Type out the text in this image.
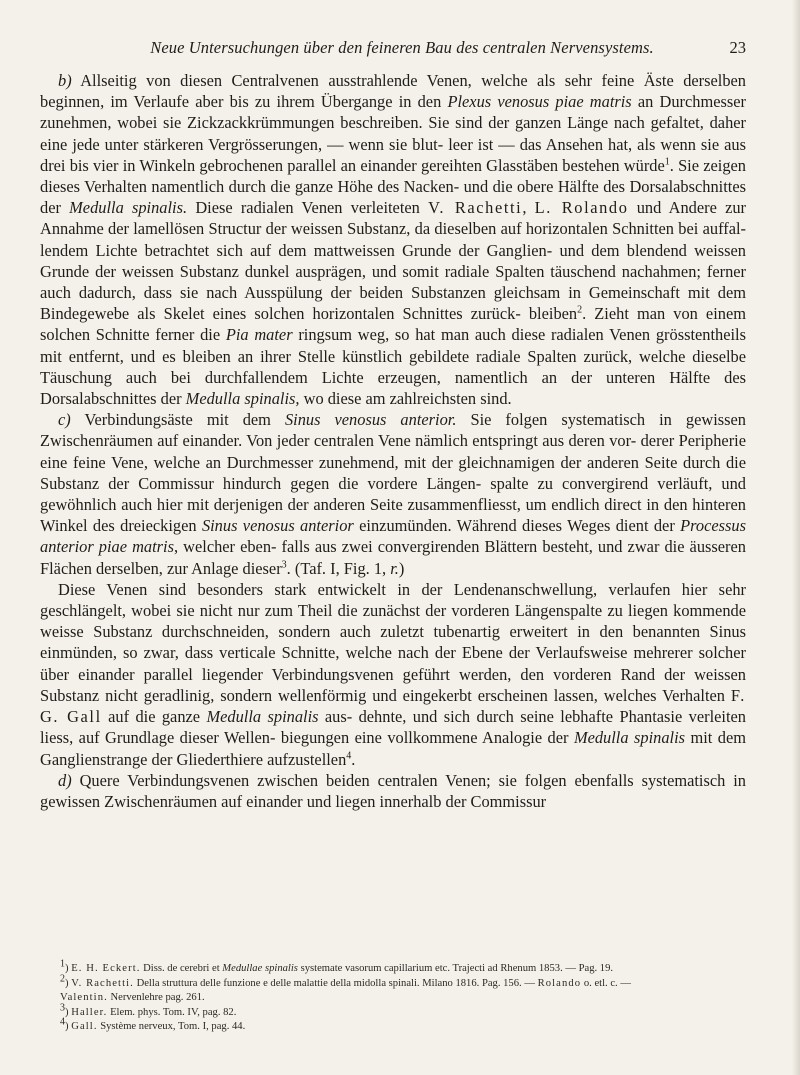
Neue Untersuchungen über den feineren Bau des centralen Nervensystems.	23

b) Allseitig von diesen Centralvenen ausstrahlende Venen, welche als sehr feine Äste derselben beginnen, im Verlaufe aber bis zu ihrem Übergange in den Plexus venosus piae matris an Durchmesser zunehmen, wobei sie Zickzackkrümmungen beschreiben. Sie sind der ganzen Länge nach gefaltet, daher eine jede unter stärkeren Vergrösserungen, — wenn sie blut- leer ist — das Ansehen hat, als wenn sie aus drei bis vier in Winkeln gebrochenen parallel an einander gereihten Glasstäben bestehen würde$^1$. Sie zeigen dieses Verhalten namentlich durch die ganze Höhe des Nacken- und die obere Hälfte des Dorsalabschnittes der Medulla spinalis. Diese radialen Venen verleiteten V. Rachetti, L. Rolando und Andere zur Annahme der lamellösen Structur der weissen Substanz, da dieselben auf horizontalen Schnitten bei auffal- lendem Lichte betrachtet sich auf dem mattweissen Grunde der Ganglien- und dem blendend weissen Grunde der weissen Substanz dunkel ausprägen, und somit radiale Spalten täuschend nachahmen; ferner auch dadurch, dass sie nach Ausspülung der beiden Substanzen gleichsam in Gemeinschaft mit dem Bindegewebe als Skelet eines solchen horizontalen Schnittes zurück- bleiben$^2$. Zieht man von einem solchen Schnitte ferner die Pia mater ringsum weg, so hat man auch diese radialen Venen grösstentheils mit entfernt, und es bleiben an ihrer Stelle künstlich gebildete radiale Spalten zurück, welche dieselbe Täuschung auch bei durchfallendem Lichte erzeugen, namentlich an der unteren Hälfte des Dorsalabschnittes der Medulla spinalis, wo diese am zahlreichsten sind.

c) Verbindungsäste mit dem Sinus venosus anterior. Sie folgen systematisch in gewissen Zwischenräumen auf einander. Von jeder centralen Vene nämlich entspringt aus deren vor- derer Peripherie eine feine Vene, welche an Durchmesser zunehmend, mit der gleichnamigen der anderen Seite durch die Substanz der Commissur hindurch gegen die vordere Längen- spalte zu convergirend verläuft, und gewöhnlich auch hier mit derjenigen der anderen Seite zusammenfliesst, um endlich direct in den hinteren Winkel des dreieckigen Sinus venosus anterior einzumünden. Während dieses Weges dient der Processus anterior piae matris, welcher eben- falls aus zwei convergirenden Blättern besteht, und zwar die äusseren Flächen derselben, zur Anlage dieser$^3$. (Taf. I, Fig. 1, r.)

Diese Venen sind besonders stark entwickelt in der Lendenanschwellung, verlaufen hier sehr geschlängelt, wobei sie nicht nur zum Theil die zunächst der vorderen Längenspalte zu liegen kommende weisse Substanz durchschneiden, sondern auch zuletzt tubenartig erweitert in den benannten Sinus einmünden, so zwar, dass verticale Schnitte, welche nach der Ebene der Verlaufsweise mehrerer solcher über einander parallel liegender Verbindungsvenen geführt werden, den vorderen Rand der weissen Substanz nicht geradlinig, sondern wellenförmig und eingekerbt erscheinen lassen, welches Verhalten F. G. Gall auf die ganze Medulla spinalis aus- dehnte, und sich durch seine lebhafte Phantasie verleiten liess, auf Grundlage dieser Wellen- biegungen eine vollkommene Analogie der Medulla spinalis mit dem Ganglienstrange der Gliederthiere aufzustellen$^4$.

d) Quere Verbindungsvenen zwischen beiden centralen Venen; sie folgen ebenfalls systematisch in gewissen Zwischenräumen auf einander und liegen innerhalb der Commissur

$^1$) E. H. Eckert. Diss. de cerebri et Medullae spinalis systemate vasorum capillarium etc. Trajecti ad Rhenum 1853. — Pag. 19.

$^2$) V. Rachetti. Della struttura delle funzione e delle malattie della midolla spinali. Milano 1816. Pag. 156. — Rolando o. etl. c. —

Valentin. Nervenlehre pag. 261.

$^3$) Haller. Elem. phys. Tom. IV, pag. 82.

$^4$) Gall. Système nerveux, Tom. I, pag. 44.
